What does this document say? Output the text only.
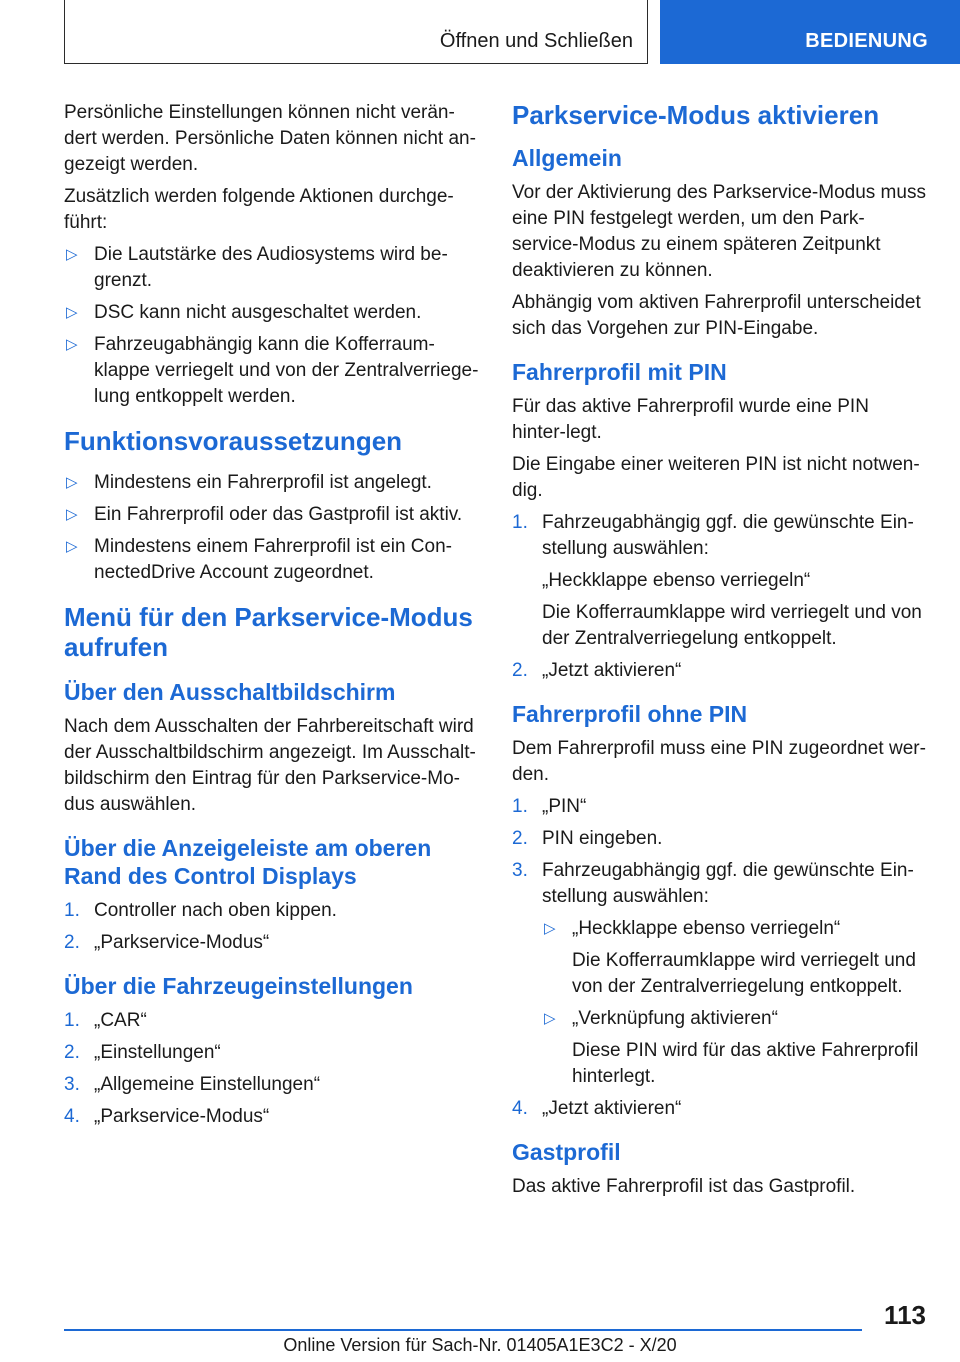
Öffnen und Schließen	BEDIENUNG

Persönliche Einstellungen können nicht verän-dert werden. Persönliche Daten können nicht an-gezeigt werden.

Zusätzlich werden folgende Aktionen durchge-führt:

▷ Die Lautstärke des Audiosystems wird be-grenzt.

▷ DSC kann nicht ausgeschaltet werden.

▷ Fahrzeugabhängig kann die Kofferraum-klappe verriegelt und von der Zentralverriege-lung entkoppelt werden.

Funktionsvoraussetzungen
▷ Mindestens ein Fahrerprofil ist angelegt.

▷ Ein Fahrerprofil oder das Gastprofil ist aktiv.

▷ Mindestens einem Fahrerprofil ist ein Con-nectedDrive Account zugeordnet.

Menü für den Parkservice-Modus aufrufen
Über den Ausschaltbildschirm

Nach dem Ausschalten der Fahrbereitschaft wird der Ausschaltbildschirm angezeigt. Im Ausschalt-bildschirm den Eintrag für den Parkservice-Mo-dus auswählen.

Über die Anzeigeleiste am oberen Rand des Control Displays
1. Controller nach oben kippen.

2. „Parkservice-Modus“

Über die Fahrzeugeinstellungen
1. „CAR“

2. „Einstellungen“

3. „Allgemeine Einstellungen“

4. „Parkservice-Modus“

Parkservice-Modus aktivieren
Allgemein

Vor der Aktivierung des Parkservice-Modus muss eine PIN festgelegt werden, um den Park-service-Modus zu einem späteren Zeitpunkt deaktivieren zu können.

Abhängig vom aktiven Fahrerprofil unterscheidet sich das Vorgehen zur PIN-Eingabe.

Fahrerprofil mit PIN

Für das aktive Fahrerprofil wurde eine PIN hinter-legt.

Die Eingabe einer weiteren PIN ist nicht notwen-dig.

1. Fahrzeugabhängig ggf. die gewünschte Ein-stellung auswählen:

„Heckklappe ebenso verriegeln“

Die Kofferraumklappe wird verriegelt und von der Zentralverriegelung entkoppelt.

2. „Jetzt aktivieren“

Fahrerprofil ohne PIN

Dem Fahrerprofil muss eine PIN zugeordnet wer-den.

1. „PIN“

2. PIN eingeben.

3. Fahrzeugabhängig ggf. die gewünschte Ein-stellung auswählen:

▷ „Heckklappe ebenso verriegeln“

Die Kofferraumklappe wird verriegelt und von der Zentralverriegelung entkoppelt.

▷ „Verknüpfung aktivieren“

Diese PIN wird für das aktive Fahrerprofil hinterlegt.

4. „Jetzt aktivieren“

Gastprofil

Das aktive Fahrerprofil ist das Gastprofil.

113
Online Version für Sach-Nr. 01405A1E3C2 - X/20
